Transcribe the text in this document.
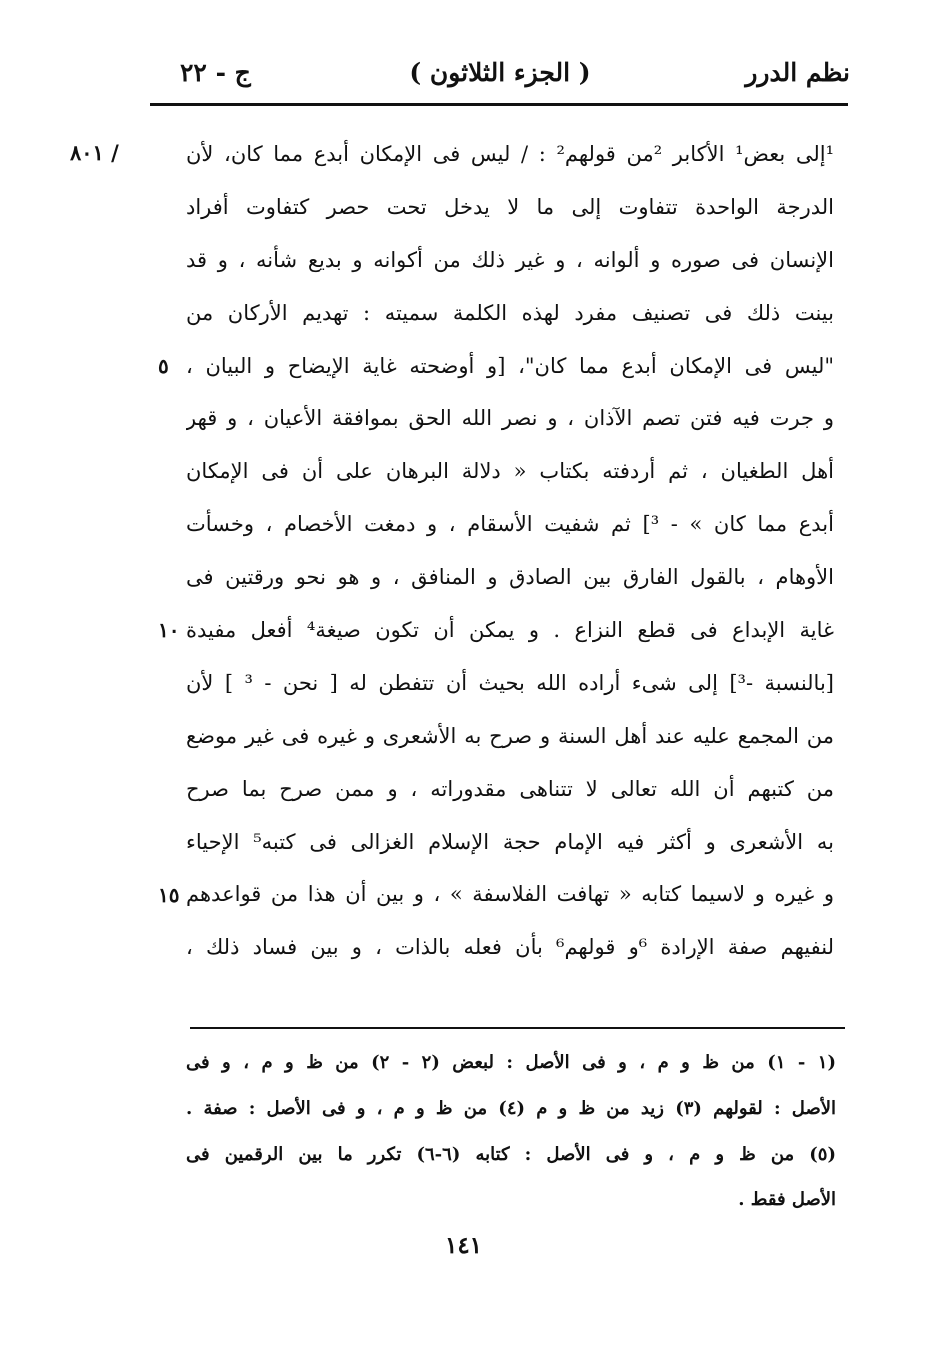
نظم الدرر
( الجزء الثلاثون )
ج - ٢٢
٨٠١ /	¹إلى بعض¹ الأكابر ²من قولهم² : / ليس فى الإمكان أبدع مما كان، لأن
الدرجة الواحدة تتفاوت إلى ما لا يدخل تحت حصر كتفاوت أفراد
الإنسان فى صوره و ألوانه ، و غير ذلك من أكوانه و بديع شأنه ، و قد
بينت ذلك فى تصنيف مفرد لهذه الكلمة سميته : تهديم الأركان من
"ليس فى الإمكان أبدع مما كان"، [و أوضحته غاية الإيضاح و البيان ،
و جرت فيه فتن تصم الآذان ، و نصر الله الحق بموافقة الأعيان ، و قهر
أهل الطغيان ، ثم أردفته بكتاب « دلالة البرهان على أن فى الإمكان
أبدع مما كان » - ³] ثم شفيت الأسقام ، و دمغت الأخصام ، وخسأت
الأوهام ، بالقول الفارق بين الصادق و المنافق ، و هو نحو ورقتين فى
غاية الإبداع فى قطع النزاع . و يمكن أن تكون صيغة⁴ أفعل مفيدة
[بالنسبة -³] إلى شىء أراده الله بحيث أن تتفطن له [ نحن - ³ ] لأن
من المجمع عليه عند أهل السنة و صرح به الأشعرى و غيره فى غير موضع
من كتبهم أن الله تعالى لا تتناهى مقدوراته ، و ممن صرح بما صرح
به الأشعرى و أكثر فيه الإمام حجة الإسلام الغزالى فى كتبه⁵ الإحياء
و غيره و لاسيما كتابه « تهافت الفلاسفة » ، و بين أن هذا من قواعدهم
لنفيهم صفة الإرادة ⁶و قولهم⁶ بأن فعله بالذات ، و بين فساد ذلك ،
٥
١٠
١٥
(١ - ١) من ظ و م ، و فى الأصل : لبعض (٢ - ٢) من ظ و م ، و فى
الأصل : لقولهم (٣) زيد من ظ و م (٤) من ظ و م ، و فى الأصل : صفة .
(٥) من ظ و م ، و فى الأصل : كتابه (٦-٦) تكرر ما بين الرقمين فى
الأصل فقط .
١٤١
